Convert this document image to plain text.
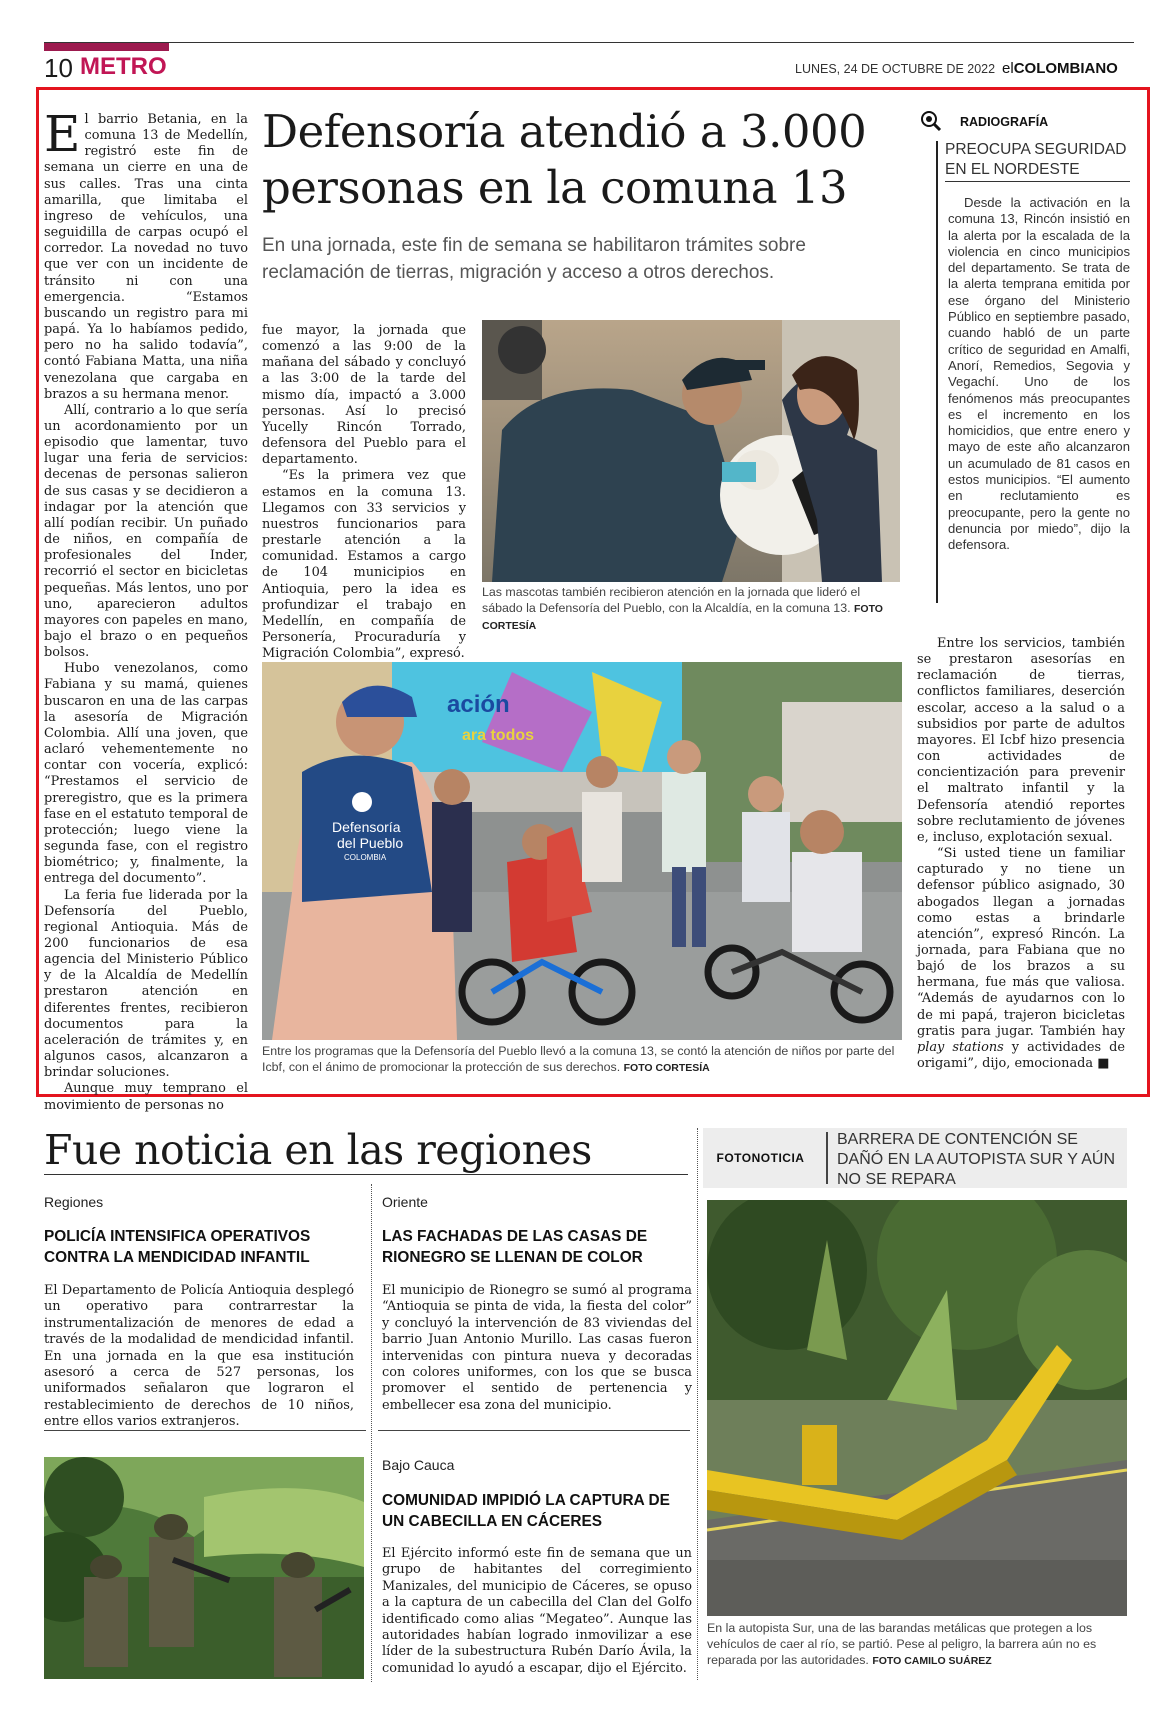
10 METRO	LUNES, 24 DE OCTUBRE DE 2022 elCOLOMBIANO

El barrio Betania, en la comuna 13 de Medellín, registró este fin de semana un cierre en una de sus calles. Tras una cinta amarilla, que limitaba el ingreso de vehículos, una seguidilla de carpas ocupó el corredor. La novedad no tuvo que ver con un incidente de tránsito ni con una emergencia. “Estamos buscando un registro para mi papá. Ya lo habíamos pedido, pero no ha salido todavía”, contó Fabiana Matta, una niña venezolana que cargaba en brazos a su hermana menor.

Allí, contrario a lo que sería un acordonamiento por un episodio que lamentar, tuvo lugar una feria de servicios: decenas de personas salieron de sus casas y se decidieron a indagar por la atención que allí podían recibir. Un puñado de niños, en compañía de profesionales del Inder, recorrió el sector en bicicletas pequeñas. Más lentos, uno por uno, aparecieron adultos mayores con papeles en mano, bajo el brazo o en pequeños bolsos.

Hubo venezolanos, como Fabiana y su mamá, quienes buscaron en una de las carpas la asesoría de Migración Colombia. Allí una joven, que aclaró vehementemente no contar con vocería, explicó: “Prestamos el servicio de preregistro, que es la primera fase en el estatuto temporal de protección; luego viene la segunda fase, con el registro biométrico; y, finalmente, la entrega del documento”.

La feria fue liderada por la Defensoría del Pueblo, regional Antioquia. Más de 200 funcionarios de esa agencia del Ministerio Público y de la Alcaldía de Medellín prestaron atención en diferentes frentes, recibieron documentos para la aceleración de trámites y, en algunos casos, alcanzaron a brindar soluciones.

Aunque muy temprano el movimiento de personas no

Defensoría atendió a 3.000 personas en la comuna 13
En una jornada, este fin de semana se habilitaron trámites sobre reclamación de tierras, migración y acceso a otros derechos.

fue mayor, la jornada que comenzó a las 9:00 de la mañana del sábado y concluyó a las 3:00 de la tarde del mismo día, impactó a 3.000 personas. Así lo precisó Yucelly Rincón Torrado, defensora del Pueblo para el departamento.

“Es la primera vez que estamos en la comuna 13. Llegamos con 33 servicios y nuestros funcionarios para prestarle atención a la comunidad. Estamos a cargo de 104 municipios en Antioquia, pero la idea es profundizar el trabajo en Medellín, en compañía de Personería, Procuraduría y Migración Colombia”, expresó.

Las mascotas también recibieron atención en la jornada que lideró el sábado la Defensoría del Pueblo, con la Alcaldía, en la comuna 13. FOTO CORTESÍA
ación
ara todos
Defensoría
del Pueblo
COLOMBIA
Entre los programas que la Defensoría del Pueblo llevó a la comuna 13, se contó la atención de niños por parte del Icbf, con el ánimo de promocionar la protección de sus derechos. FOTO CORTESÍA

Entre los servicios, también se prestaron asesorías en reclamación de tierras, conflictos familiares, deserción escolar, acceso a la salud o a subsidios por parte de adultos mayores. El Icbf hizo presencia con actividades de concientización para prevenir el maltrato infantil y la Defensoría atendió reportes sobre reclutamiento de jóvenes e, incluso, explotación sexual.

“Si usted tiene un familiar capturado y no tiene un defensor público asignado, 30 abogados llegan a jornadas como estas a brindarle atención”, expresó Rincón. La jornada, para Fabiana que no bajó de los brazos a su hermana, fue más que valiosa. “Además de ayudarnos con lo de mi papá, trajeron bicicletas gratis para jugar. También hay play stations y actividades de origami”, dijo, emocionada ■

RADIOGRAFÍA
PREOCUPA SEGURIDAD EN EL NORDESTE

Desde la activación en la comuna 13, Rincón insistió en la alerta por la escalada de la violencia en cinco municipios del departamento. Se trata de la alerta temprana emitida por ese órgano del Ministerio Público en septiembre pasado, cuando habló de un parte crítico de seguridad en Amalfi, Anorí, Remedios, Segovia y Vegachí. Uno de los fenómenos más preocupantes es el incremento en los homicidios, que entre enero y mayo de este año alcanzaron un acumulado de 81 casos en estos municipios. “El aumento en reclutamiento es preocupante, pero la gente no denuncia por miedo”, dijo la defensora.

Fue noticia en las regiones
Regiones
POLICÍA INTENSIFICA OPERATIVOS CONTRA LA MENDICIDAD INFANTIL
El Departamento de Policía Antioquia desplegó un operativo para contrarrestar la instrumentalización de menores de edad a través de la modalidad de mendicidad infantil. En una jornada en la que esa institución asesoró a cerca de 527 personas, los uniformados señalaron que lograron el restablecimiento de derechos de 10 niños, entre ellos varios extranjeros.
Oriente
LAS FACHADAS DE LAS CASAS DE RIONEGRO SE LLENAN DE COLOR
El municipio de Rionegro se sumó al programa “Antioquia se pinta de vida, la fiesta del color” y concluyó la intervención de 83 viviendas del barrio Juan Antonio Murillo. Las casas fueron intervenidas con pintura nueva y decoradas con colores uniformes, con los que se busca promover el sentido de pertenencia y embellecer esa zona del municipio.
Bajo Cauca
COMUNIDAD IMPIDIÓ LA CAPTURA DE UN CABECILLA EN CÁCERES
El Ejército informó este fin de semana que un grupo de habitantes del corregimiento Manizales, del municipio de Cáceres, se opuso a la captura de un cabecilla del Clan del Golfo identificado como alias “Megateo”. Aunque las autoridades habían logrado inmovilizar a ese líder de la subestructura Rubén Darío Ávila, la comunidad lo ayudó a escapar, dijo el Ejército.
FOTONOTICIA
BARRERA DE CONTENCIÓN SE DAÑÓ EN LA AUTOPISTA SUR Y AÚN NO SE REPARA
En la autopista Sur, una de las barandas metálicas que protegen a los vehículos de caer al río, se partió. Pese al peligro, la barrera aún no es reparada por las autoridades. FOTO CAMILO SUÁREZ
